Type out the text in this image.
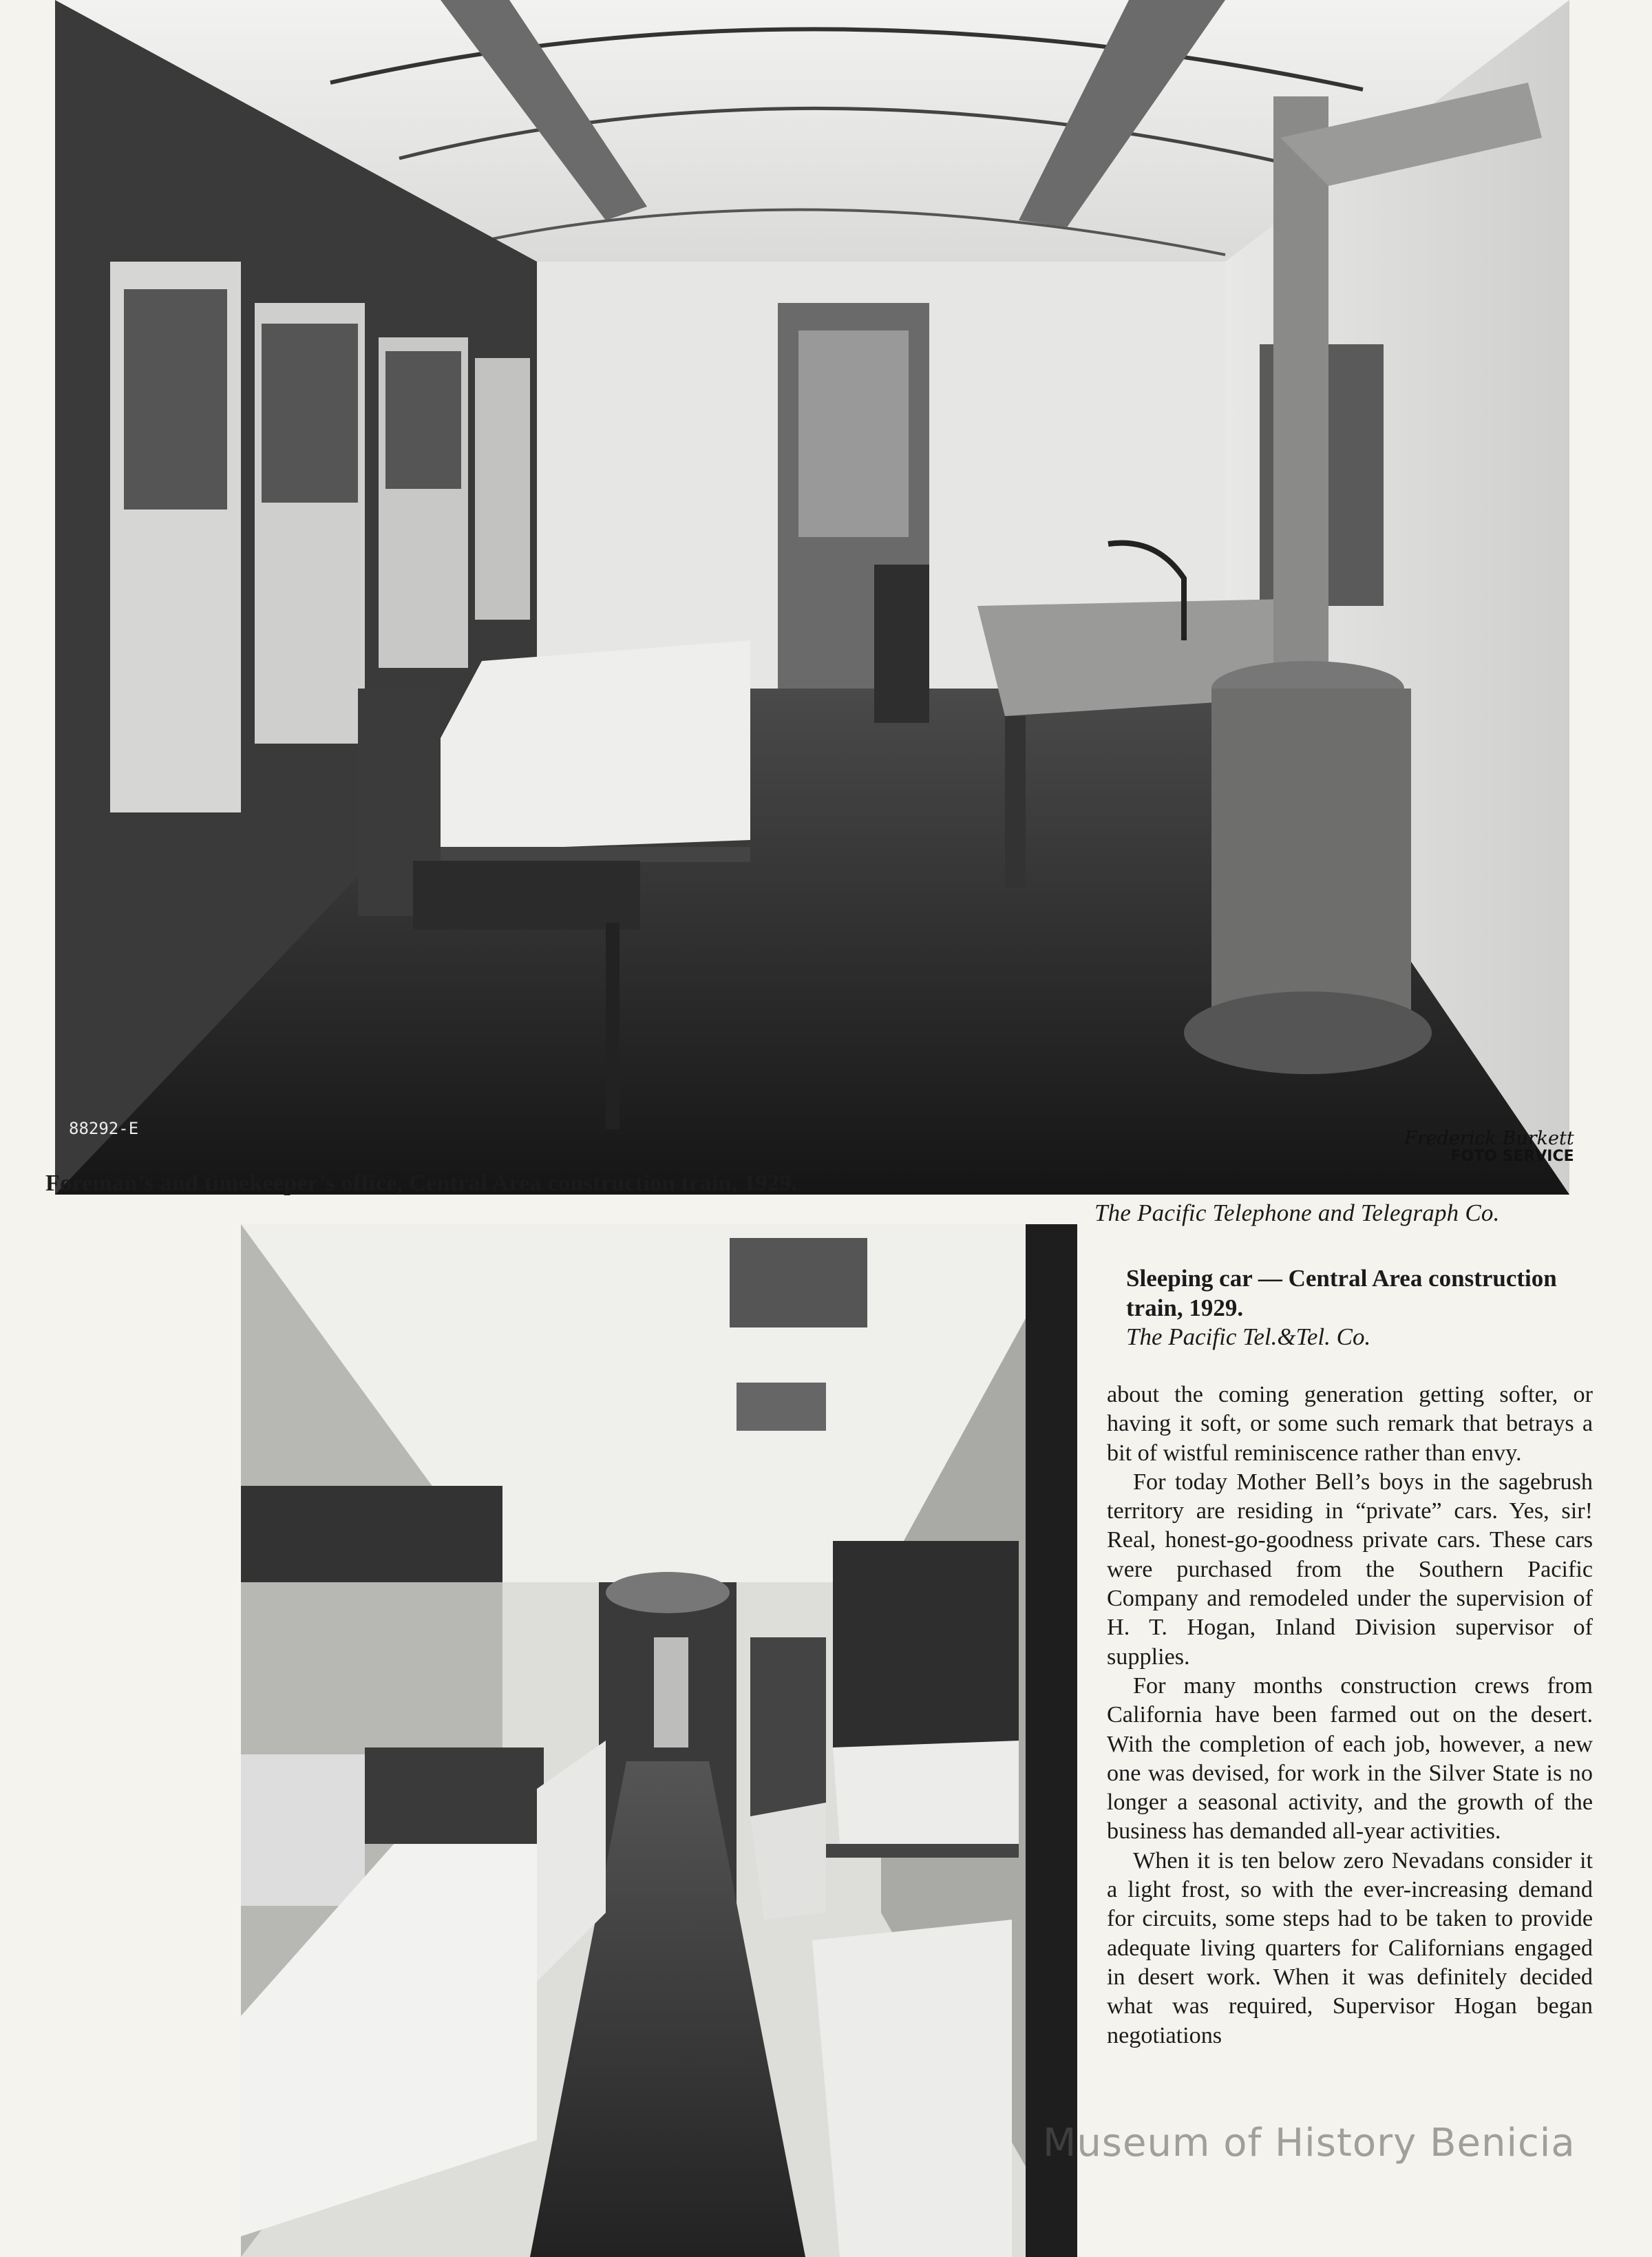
88292-E	Frederick Burkett
FOTO SERVICE
Foreman’s and timekeeper’s office, Central Area construction train, 1929.
The Pacific Telephone and Telegraph Co.
Sleeping car — Central Area construction train, 1929.
The Pacific Tel.&Tel. Co.

about the coming generation getting softer, or having it soft, or some such remark that betrays a bit of wistful reminiscence rather than envy.

For today Mother Bell’s boys in the sagebrush territory are residing in “private” cars. Yes, sir! Real, honest-go-goodness private cars. These cars were purchased from the Southern Pacific Company and remodeled under the supervision of H. T. Hogan, Inland Division supervisor of supplies.

For many months construction crews from California have been farmed out on the desert. With the completion of each job, however, a new one was devised, for work in the Silver State is no longer a seasonal activity, and the growth of the business has demanded all-year activities.

When it is ten below zero Nevadans consider it a light frost, so with the ever-increasing demand for circuits, some steps had to be taken to provide adequate living quarters for Californians engaged in desert work. When it was definitely decided what was required, Supervisor Hogan began negotiations

Museum of History Benicia
